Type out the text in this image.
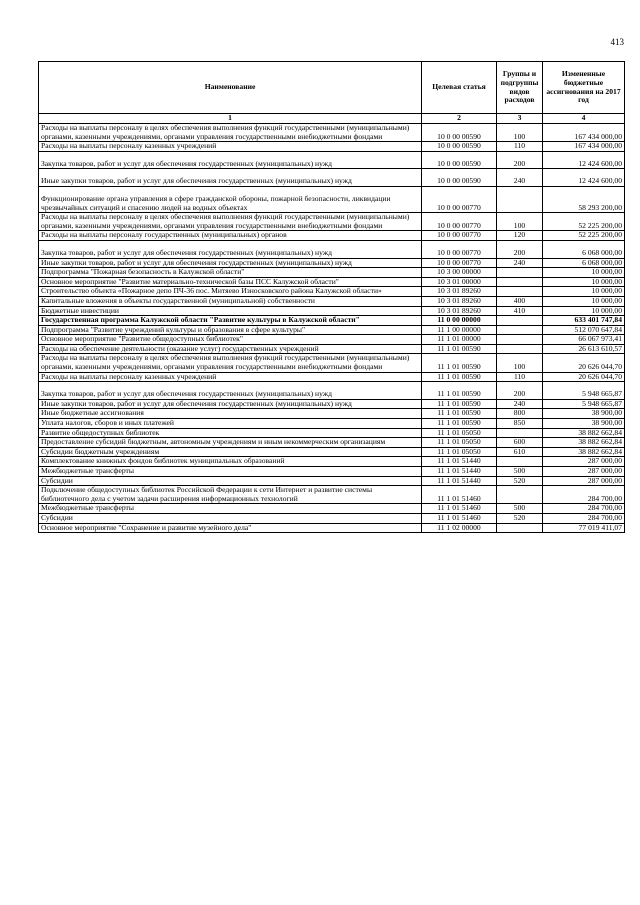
413
Наименование	Целевая статья	Группы и подгруппы видов расходов	Измененные бюджетные ассигнования на 2017 год
1	2	3	4
Расходы на выплаты персоналу в целях обеспечения выполнения функций государственными (муниципальными) органами, казенными учреждениями, органами управления государственными внебюджетными фондами	10 0 00 00590	100	167 434 000,00
Расходы на выплаты персоналу казенных учреждений	10 0 00 00590	110	167 434 000,00
Закупка товаров, работ и услуг для обеспечения государственных (муниципальных) нужд	10 0 00 00590	200	12 424 600,00
Иные закупки товаров, работ и услуг для обеспечения государственных (муниципальных) нужд	10 0 00 00590	240	12 424 600,00
Функционирование органа управления в сфере гражданской обороны, пожарной безопасности, ликвидации чрезвычайных ситуаций и спасению людей на водных объектах	10 0 00 00770		58 293 200,00
Расходы на выплаты персоналу в целях обеспечения выполнения функций государственными (муниципальными) органами, казенными учреждениями, органами управления государственными внебюджетными фондами	10 0 00 00770	100	52 225 200,00
Расходы на выплаты персоналу государственных (муниципальных) органов	10 0 00 00770	120	52 225 200,00
Закупка товаров, работ и услуг для обеспечения государственных (муниципальных) нужд	10 0 00 00770	200	6 068 000,00
Иные закупки товаров, работ и услуг для обеспечения государственных (муниципальных) нужд	10 0 00 00770	240	6 068 000,00
Подпрограмма "Пожарная безопасность в Калужской области"	10 3 00 00000		10 000,00
Основное мероприятие "Развитие материально-технической базы ПСС Калужской области"	10 3 01 00000		10 000,00
Строительство объекта «Пожарное депо ПЧ-36 пос. Митяево Износковского района Калужской области»	10 3 01 89260		10 000,00
Капитальные вложения в объекты государственной (муниципальной) собственности	10 3 01 89260	400	10 000,00
Бюджетные инвестиции	10 3 01 89260	410	10 000,00
Государственная программа Калужской области "Развитие культуры в Калужской области"	11 0 00 00000		633 401 747,84
Подпрограмма "Развитие учреждений культуры и образования в сфере культуры"	11 1 00 00000		512 070 647,84
Основное мероприятие "Развитие общедоступных библиотек"	11 1 01 00000		66 067 973,41
Расходы на обеспечение деятельности (оказание услуг) государственных учреждений	11 1 01 00590		26 613 610,57
Расходы на выплаты персоналу в целях обеспечения выполнения функций государственными (муниципальными) органами, казенными учреждениями, органами управления государственными внебюджетными фондами	11 1 01 00590	100	20 626 044,70
Расходы на выплаты персоналу казенных учреждений	11 1 01 00590	110	20 626 044,70
Закупка товаров, работ и услуг для обеспечения государственных (муниципальных) нужд	11 1 01 00590	200	5 948 665,87
Иные закупки товаров, работ и услуг для обеспечения государственных (муниципальных) нужд	11 1 01 00590	240	5 948 665,87
Иные бюджетные ассигнования	11 1 01 00590	800	38 900,00
Уплата налогов, сборов и иных платежей	11 1 01 00590	850	38 900,00
Развитие общедоступных библиотек	11 1 01 05050		38 882 662,84
Предоставление субсидий бюджетным, автономным учреждениям и иным некоммерческим организациям	11 1 01 05050	600	38 882 662,84
Субсидии бюджетным учреждениям	11 1 01 05050	610	38 882 662,84
Комплектование книжных фондов библиотек муниципальных образований	11 1 01 51440		287 000,00
Межбюджетные трансферты	11 1 01 51440	500	287 000,00
Субсидии	11 1 01 51440	520	287 000,00
Подключение общедоступных библиотек Российской Федерации к сети Интернет и развитие системы библиотечного дела с учетом задачи расширения информационных технологий	11 1 01 51460		284 700,00
Межбюджетные трансферты	11 1 01 51460	500	284 700,00
Субсидии	11 1 01 51460	520	284 700,00
Основное мероприятие "Сохранение и развитие музейного дела"	11 1 02 00000		77 019 411,07
